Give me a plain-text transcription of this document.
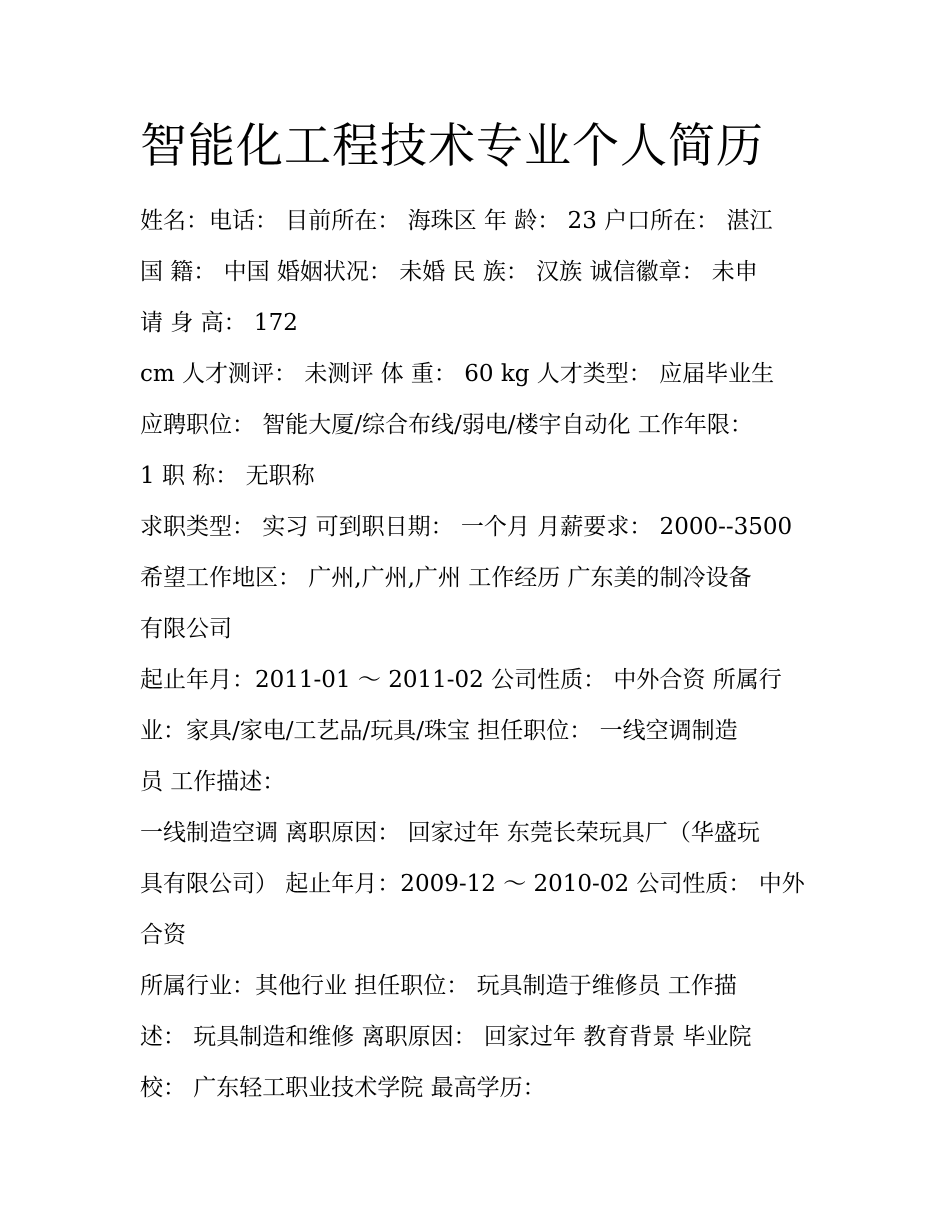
智能化工程技术专业个人简历
姓名：电话： 目前所在： 海珠区 年 龄： 23 户口所在： 湛江
国 籍： 中国 婚姻状况： 未婚 民 族： 汉族 诚信徽章： 未申
请 身 高： 172
cm 人才测评： 未测评 体 重： 60 kg 人才类型： 应届毕业生
应聘职位： 智能大厦/综合布线/弱电/楼宇自动化 工作年限：
1 职 称： 无职称
求职类型： 实习 可到职日期： 一个月 月薪要求： 2000--3500
希望工作地区： 广州,广州,广州 工作经历 广东美的制冷设备
有限公司
起止年月：2011-01 ～ 2011-02 公司性质： 中外合资 所属行
业：家具/家电/工艺品/玩具/珠宝 担任职位： 一线空调制造
员 工作描述：
一线制造空调 离职原因： 回家过年 东莞长荣玩具厂（华盛玩
具有限公司） 起止年月：2009-12 ～ 2010-02 公司性质： 中外
合资
所属行业：其他行业 担任职位： 玩具制造于维修员 工作描
述： 玩具制造和维修 离职原因： 回家过年 教育背景 毕业院
校： 广东轻工职业技术学院 最高学历：
